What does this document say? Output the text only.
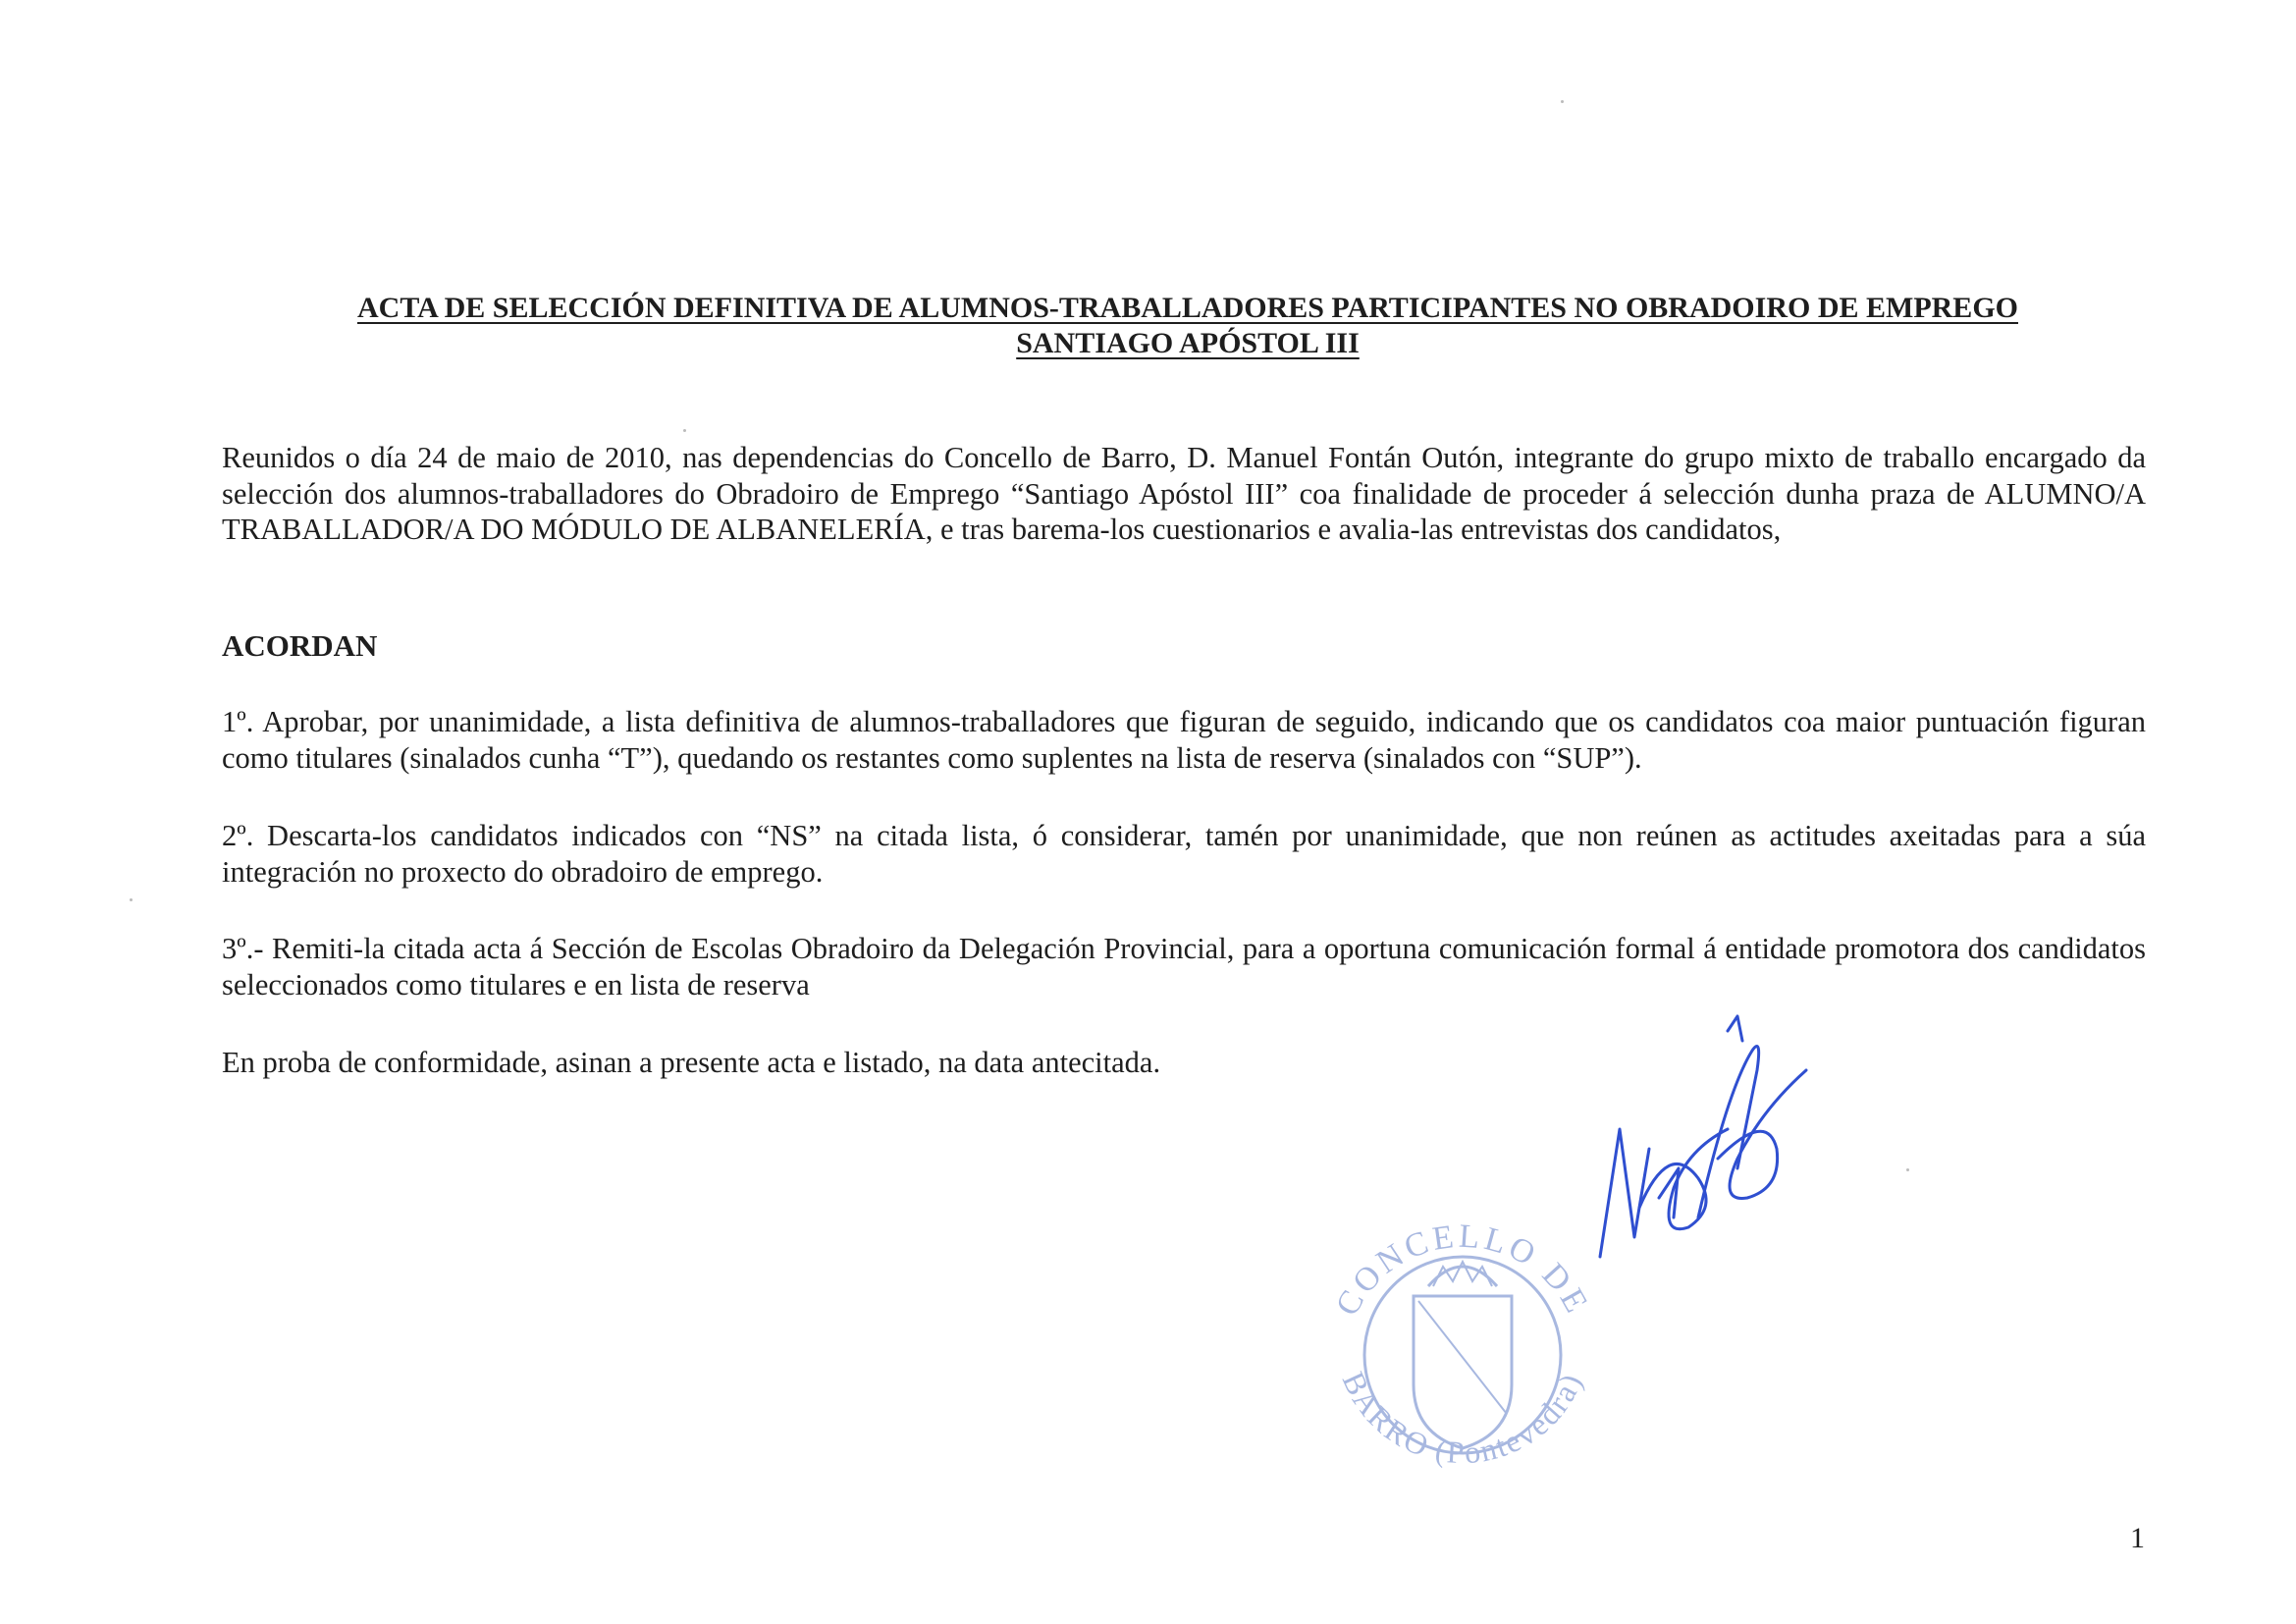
ACTA DE SELECCIÓN DEFINITIVA DE ALUMNOS-TRABALLADORES PARTICIPANTES NO OBRADOIRO DE EMPREGO
SANTIAGO APÓSTOL III
Reunidos o día 24 de maio de 2010, nas dependencias do Concello de Barro, D. Manuel Fontán Outón, integrante do grupo mixto de traballo encargado da selección dos alumnos-traballadores do Obradoiro de Emprego “Santiago Apóstol III” coa finalidade de proceder á selección dunha praza de ALUMNO/A TRABALLADOR/A DO MÓDULO DE ALBANELERÍA, e tras barema-los cuestionarios e avalia-las entrevistas dos candidatos,
ACORDAN
1º. Aprobar, por unanimidade, a lista definitiva de alumnos-traballadores que figuran de seguido, indicando que os candidatos coa maior puntuación figuran como titulares (sinalados cunha “T”), quedando os restantes como suplentes na lista de reserva (sinalados con “SUP”).
2º. Descarta-los candidatos indicados con “NS” na citada lista, ó considerar, tamén por unanimidade, que non reúnen as actitudes axeitadas para a súa integración no proxecto do obradoiro de emprego.
3º.- Remiti-la citada acta á Sección de Escolas Obradoiro da Delegación Provincial, para a oportuna comunicación formal á entidade promotora dos candidatos seleccionados como titulares e en lista de reserva
En proba de conformidade, asinan a presente acta e listado, na data antecitada.
CONCELLO DE
BARRO (Pontevedra)
1
